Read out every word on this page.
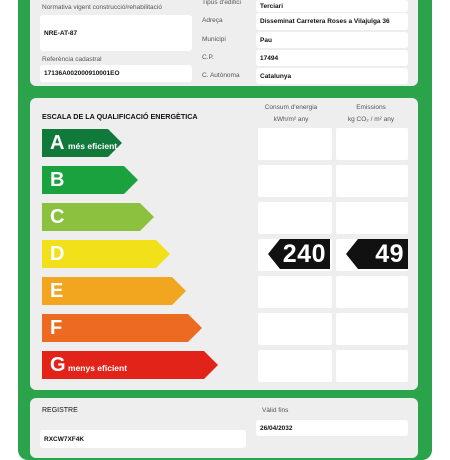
Normativa vigent construcció/rehabilitació
NRE-AT-87
Referència cadastral
17136A002000910001EO
Tipus d'edifici	Terciari
Adreça	Disseminat Carretera Roses a Vilajuïga 36
Municipi	Pau
C.P.	17494
C. Autònoma	Catalunya
ESCALA DE LA QUALIFICACIÓ ENERGÈTICA
Consum d'energia
kWh/m² any
Emissions
kg CO₂ / m² any
A més eficient
B
C
D	240 49
E
F
G menys eficient
REGISTRE
RXCW7XF4K
Vàlid fins
26/04/2032
